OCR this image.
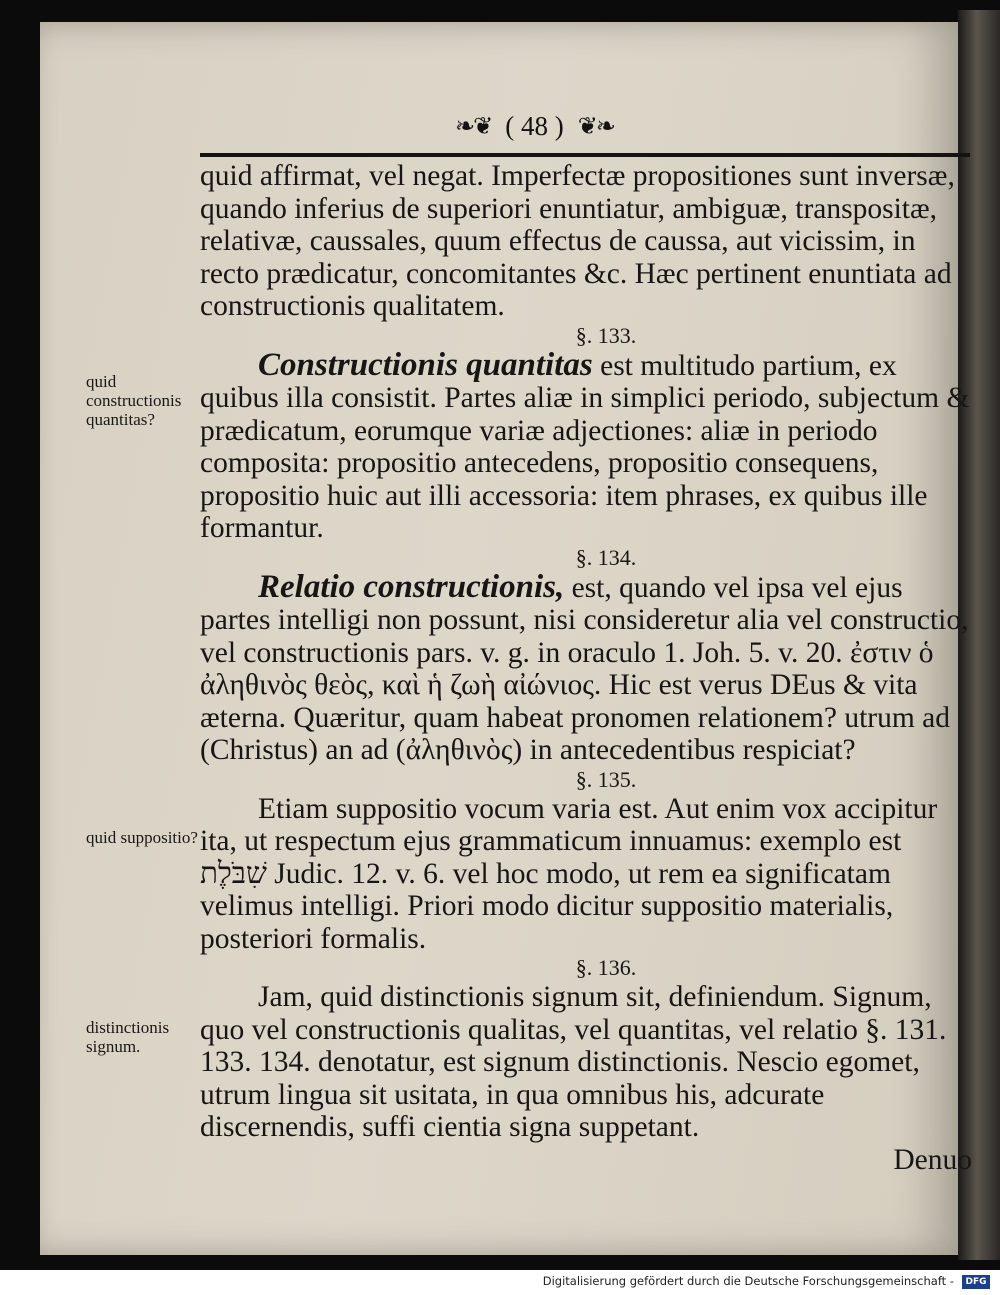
❧❦ ( 48 ) ❦❧
quid constructionis quantitas?
quid suppositio?
distinctionis signum.

quid affirmat, vel negat. Imperfectæ propositiones sunt inversæ, quando inferius de superiori enuntiatur, ambiguæ, transpositæ, relativæ, caussales, quum effectus de caussa, aut vicissim, in recto prædicatur, concomitantes &c. Hæc pertinent enuntiata ad constructionis qualitatem.

§. 133.

Constructionis quantitas est multitudo partium, ex quibus illa consistit. Partes aliæ in simplici periodo, subjectum & prædicatum, eorumque variæ adjectiones: aliæ in periodo composita: propositio antecedens, propositio consequens, propositio huic aut illi accessoria: item phrases, ex quibus ille formantur.

§. 134.

Relatio constructionis, est, quando vel ipsa vel ejus partes intelligi non possunt, nisi consideretur alia vel constructio, vel constructionis pars. v. g. in oraculo 1. Joh. 5. v. 20. ἐστιν ὁ ἀληθινὸς θεὸς, καὶ ἡ ζωὴ αἰώνιος. Hic est verus DEus & vita æterna. Quæritur, quam habeat pronomen relationem? utrum ad (Christus) an ad (ἀληθινὸς) in antecedentibus respiciat?

§. 135.

Etiam suppositio vocum varia est. Aut enim vox accipitur ita, ut respectum ejus grammaticum innuamus: exemplo est שִׁבֹּלֶת Judic. 12. v. 6. vel hoc modo, ut rem ea significatam velimus intelligi. Priori modo dicitur suppositio materialis, posteriori formalis.

§. 136.

Jam, quid distinctionis signum sit, definiendum. Signum, quo vel constructionis qualitas, vel quantitas, vel relatio §. 131. 133. 134. denotatur, est signum distinctionis. Nescio egomet, utrum lingua sit usitata, in qua omnibus his, adcurate discernendis, suffi cientia signa suppetant.

Denuo

Digitalisierung gefördert durch die Deutsche Forschungsgemeinschaft -	DFG
